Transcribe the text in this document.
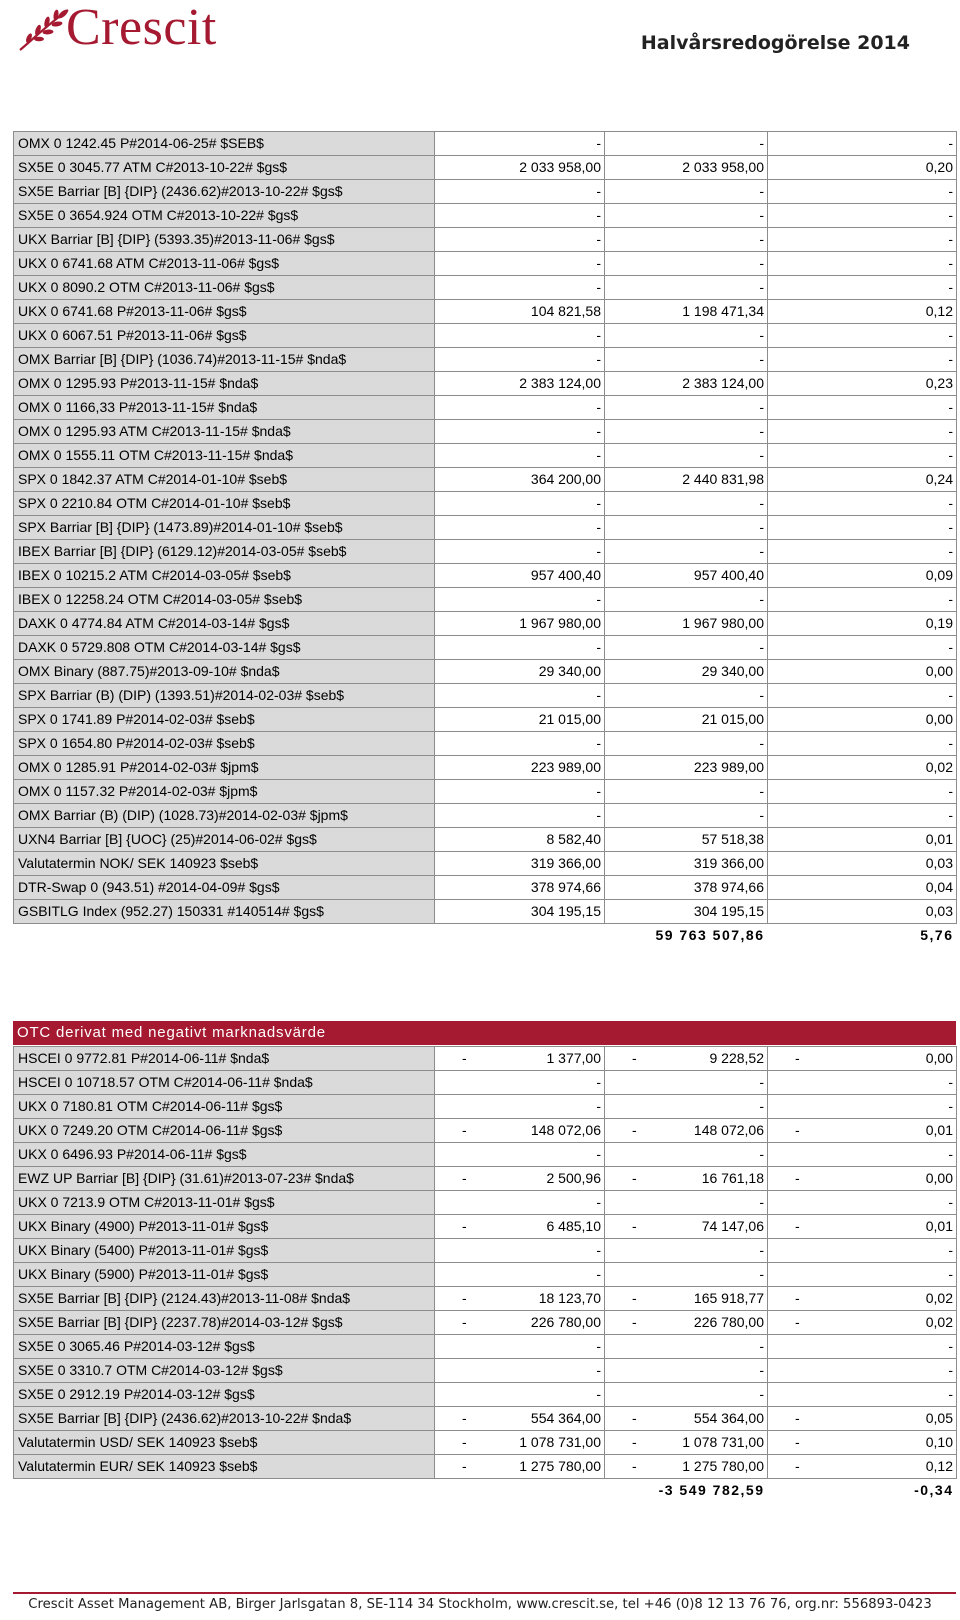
Crescit	Halvårsredogörelse 2014
OMX 0 1242.45 P#2014-06-25# $SEB$	-	-	-
SX5E 0 3045.77 ATM C#2013-10-22# $gs$	2 033 958,00	2 033 958,00	0,20
SX5E Barriar [B] {DIP} (2436.62)#2013-10-22# $gs$	-	-	-
SX5E 0 3654.924 OTM C#2013-10-22# $gs$	-	-	-
UKX Barriar [B] {DIP} (5393.35)#2013-11-06# $gs$	-	-	-
UKX 0 6741.68 ATM C#2013-11-06# $gs$	-	-	-
UKX 0 8090.2 OTM C#2013-11-06# $gs$	-	-	-
UKX 0 6741.68 P#2013-11-06# $gs$	104 821,58	1 198 471,34	0,12
UKX 0 6067.51 P#2013-11-06# $gs$	-	-	-
OMX Barriar [B] {DIP} (1036.74)#2013-11-15# $nda$	-	-	-
OMX 0 1295.93 P#2013-11-15# $nda$	2 383 124,00	2 383 124,00	0,23
OMX 0 1166,33 P#2013-11-15# $nda$	-	-	-
OMX 0 1295.93 ATM C#2013-11-15# $nda$	-	-	-
OMX 0 1555.11 OTM C#2013-11-15# $nda$	-	-	-
SPX 0 1842.37 ATM C#2014-01-10# $seb$	364 200,00	2 440 831,98	0,24
SPX 0 2210.84 OTM C#2014-01-10# $seb$	-	-	-
SPX Barriar [B] {DIP} (1473.89)#2014-01-10# $seb$	-	-	-
IBEX Barriar [B] {DIP} (6129.12)#2014-03-05# $seb$	-	-	-
IBEX 0 10215.2 ATM C#2014-03-05# $seb$	957 400,40	957 400,40	0,09
IBEX 0 12258.24 OTM C#2014-03-05# $seb$	-	-	-
DAXK 0 4774.84 ATM C#2014-03-14# $gs$	1 967 980,00	1 967 980,00	0,19
DAXK 0 5729.808 OTM C#2014-03-14# $gs$	-	-	-
OMX Binary (887.75)#2013-09-10# $nda$	29 340,00	29 340,00	0,00
SPX Barriar (B) (DIP) (1393.51)#2014-02-03# $seb$	-	-	-
SPX 0 1741.89 P#2014-02-03# $seb$	21 015,00	21 015,00	0,00
SPX 0 1654.80 P#2014-02-03# $seb$	-	-	-
OMX 0 1285.91 P#2014-02-03# $jpm$	223 989,00	223 989,00	0,02
OMX 0 1157.32 P#2014-02-03# $jpm$	-	-	-
OMX Barriar (B) (DIP) (1028.73)#2014-02-03# $jpm$	-	-	-
UXN4 Barriar [B] {UOC} (25)#2014-06-02# $gs$	8 582,40	57 518,38	0,01
Valutatermin NOK/ SEK 140923 $seb$	319 366,00	319 366,00	0,03
DTR-Swap 0 (943.51) #2014-04-09# $gs$	378 974,66	378 974,66	0,04
GSBITLG Index (952.27) 150331 #140514# $gs$	304 195,15	304 195,15	0,03
		59 763 507,86	5,76
OTC derivat med negativt marknadsvärde
HSCEI 0 9772.81 P#2014-06-11# $nda$	- 1 377,00	- 9 228,52	- 0,00
HSCEI 0 10718.57 OTM C#2014-06-11# $nda$	-	-	-
UKX 0 7180.81 OTM C#2014-06-11# $gs$	-	-	-
UKX 0 7249.20 OTM C#2014-06-11# $gs$	- 148 072,06	- 148 072,06	- 0,01
UKX 0 6496.93 P#2014-06-11# $gs$	-	-	-
EWZ UP Barriar [B] {DIP} (31.61)#2013-07-23# $nda$	- 2 500,96	- 16 761,18	- 0,00
UKX 0 7213.9 OTM C#2013-11-01# $gs$	-	-	-
UKX Binary (4900) P#2013-11-01# $gs$	- 6 485,10	- 74 147,06	- 0,01
UKX Binary (5400) P#2013-11-01# $gs$	-	-	-
UKX Binary (5900) P#2013-11-01# $gs$	-	-	-
SX5E Barriar [B] {DIP} (2124.43)#2013-11-08# $nda$	- 18 123,70	- 165 918,77	- 0,02
SX5E Barriar [B] {DIP} (2237.78)#2014-03-12# $gs$	- 226 780,00	- 226 780,00	- 0,02
SX5E 0 3065.46 P#2014-03-12# $gs$	-	-	-
SX5E 0 3310.7 OTM C#2014-03-12# $gs$	-	-	-
SX5E 0 2912.19 P#2014-03-12# $gs$	-	-	-
SX5E Barriar [B] {DIP} (2436.62)#2013-10-22# $nda$	- 554 364,00	- 554 364,00	- 0,05
Valutatermin USD/ SEK 140923 $seb$	- 1 078 731,00	- 1 078 731,00	- 0,10
Valutatermin EUR/ SEK 140923 $seb$	- 1 275 780,00	- 1 275 780,00	- 0,12
		-3 549 782,59	-0,34
Crescit Asset Management AB, Birger Jarlsgatan 8, SE-114 34 Stockholm, www.crescit.se, tel +46 (0)8 12 13 76 76, org.nr: 556893-0423
